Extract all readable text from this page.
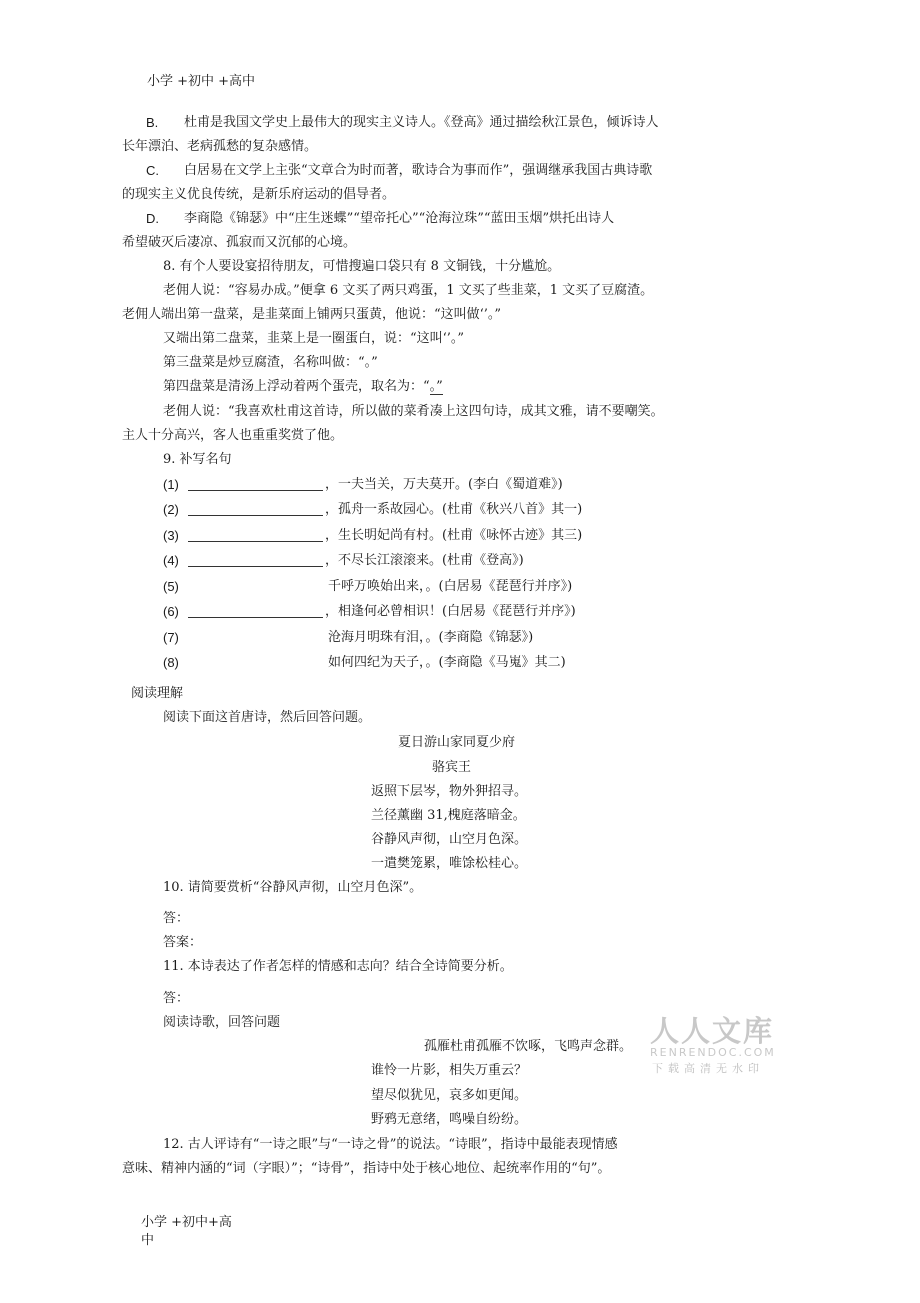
小学 +初中 +高中
B. 杜甫是我国文学史上最伟大的现实主义诗人。《登高》通过描绘秋江景色，倾诉诗人
长年漂泊、老病孤愁的复杂感情。
C. 白居易在文学上主张“文章合为时而著，歌诗合为事而作”，强调继承我国古典诗歌
的现实主义优良传统，是新乐府运动的倡导者。
D. 李商隐《锦瑟》中“庄生迷蝶”“望帝托心”“沧海泣珠”“蓝田玉烟”烘托出诗人
希望破灭后凄凉、孤寂而又沉郁的心境。
8. 有个人要设宴招待朋友，可惜搜遍口袋只有 8 文铜钱，十分尴尬。
老佣人说：“容易办成。”便拿 6 文买了两只鸡蛋，1 文买了些韭菜，1 文买了豆腐渣。
老佣人端出第一盘菜，是韭菜面上铺两只蛋黄，他说：“这叫做‘’。”
又端出第二盘菜，韭菜上是一圈蛋白，说：“这叫‘’。”
第三盘菜是炒豆腐渣，名称叫做：“。”
第四盘菜是清汤上浮动着两个蛋壳，取名为：“。”
老佣人说：“我喜欢杜甫这首诗，所以做的菜肴凑上这四句诗，成其文雅，请不要嘲笑。
主人十分高兴，客人也重重奖赏了他。
9. 补写名句
(1)	，一夫当关，万夫莫开。(李白《蜀道难》)
(2)	，孤舟一系故园心。(杜甫《秋兴八首》其一)
(3)	，生长明妃尚有村。(杜甫《咏怀古迹》其三)
(4)	，不尽长江滚滚来。(杜甫《登高》)
(5)	千呼万唤始出来，。(白居易《琵琶行并序》)
(6)	，相逢何必曾相识！(白居易《琵琶行并序》)
(7)	沧海月明珠有泪，。(李商隐《锦瑟》)
(8)	如何四纪为天子，。(李商隐《马嵬》其二)
阅读理解
阅读下面这首唐诗，然后回答问题。
夏日游山家同夏少府
骆宾王
返照下层岑，物外狎招寻。
兰径薰幽 31,槐庭落暗金。
谷静风声彻，山空月色深。
一遣樊笼累，唯馀松桂心。
10. 请简要赏析“谷静风声彻，山空月色深”。
答：
答案：
11. 本诗表达了作者怎样的情感和志向？结合全诗简要分析。
答：
阅读诗歌，回答问题
孤雁杜甫孤雁不饮啄，飞鸣声念群。
谁怜一片影，相失万重云？
望尽似犹见，哀多如更闻。
野鸦无意绪，鸣噪自纷纷。
12. 古人评诗有“一诗之眼”与“一诗之骨”的说法。“诗眼”，指诗中最能表现情感
意味、精神内涵的“词（字眼）”；“诗骨”，指诗中处于核心地位、起统率作用的“句”。
小学 +初中+高
中
人人文库
RENRENDOC.COM
下载高清无水印
